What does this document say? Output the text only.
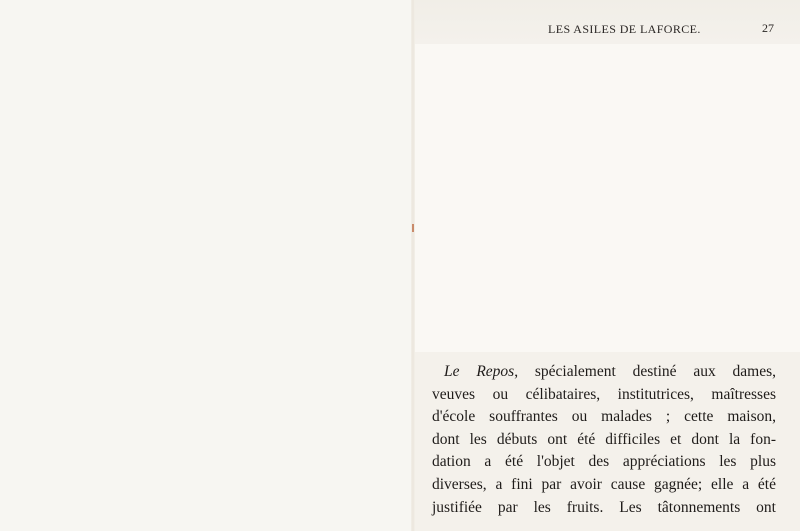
LES ASILES DE LAFORCE.	27
Le Repos, spécialement destiné aux dames,
veuves ou célibataires, institutrices, maîtresses
d'école souffrantes ou malades ; cette maison,
dont les débuts ont été difficiles et dont la fon-
dation a été l'objet des appréciations les plus
diverses, a fini par avoir cause gagnée; elle a été
justifiée par les fruits. Les tâtonnements ont
